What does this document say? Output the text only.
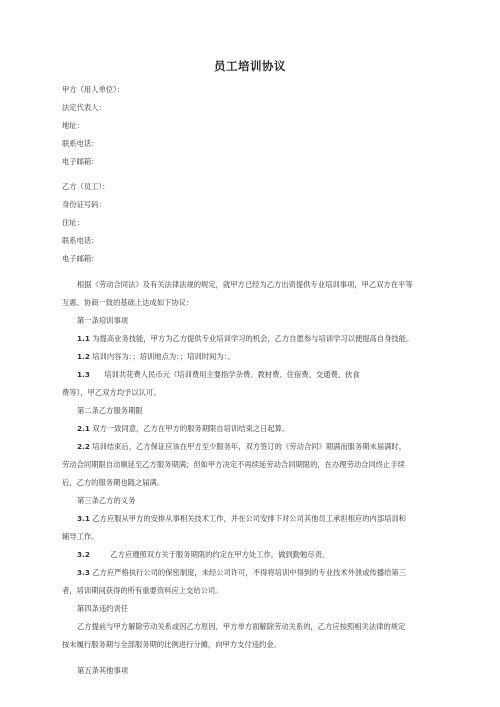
员工培训协议
甲方（用人单位）：
法定代表人：
地址：
联系电话：
电子邮箱：
乙方（员工）：
身份证号码：
住址：
联系电话：
电子邮箱：
根据《劳动合同法》及有关法律法规的规定，就甲方已经为乙方出资提供专业培训事项，甲乙双方在平等
互惠、协商一致的基础上达成如下协议：
第一条培训事项
1.1 为提高业务技能，甲方为乙方提供专业培训学习的机会，乙方自愿参与培训学习以便提高自身技能。
1.2 培训内容为：；培训地点为：；培训时间为：。
1.3 培训共花费人民币元（培训费用主要指学杂费、教材费、住宿费、交通费、伙食
费等），甲乙双方均予以认可。
第二条乙方服务期限
2.1 双方一致同意，乙方在甲方的服务期限自培训结束之日起算。
2.2 培训结束后，乙方保证应该在甲方至少服务年，双方签订的《劳动合同》期满而服务期未届满时，
劳动合同期限自动顺延至乙方服务期满；但如甲方决定不再续延劳动合同期限的，在办理劳动合同终止手续
后，乙方的服务期也随之届满。
第三条乙方的义务
3.1 乙方应服从甲方的安排从事相关技术工作，并在公司安排下对公司其他员工承担相应的内部培训和
辅导工作。
3.2	乙方应遵照双方关于服务期限的约定在甲方处工作，做到勤勉尽责。
3.3 乙方应严格执行公司的保密制度，未经公司许可，不得将培训中得到的专业技术外泄或传播给第三
者，培训期间获得的所有重要资料应上交给公司。
第四条违约责任
乙方提前与甲方解除劳动关系或因乙方原因，甲方单方面解除劳动关系的，乙方应按照相关法律的规定
按未履行服务期与全部服务期的比例进行分摊，向甲方支付违约金。
第五条其他事项
